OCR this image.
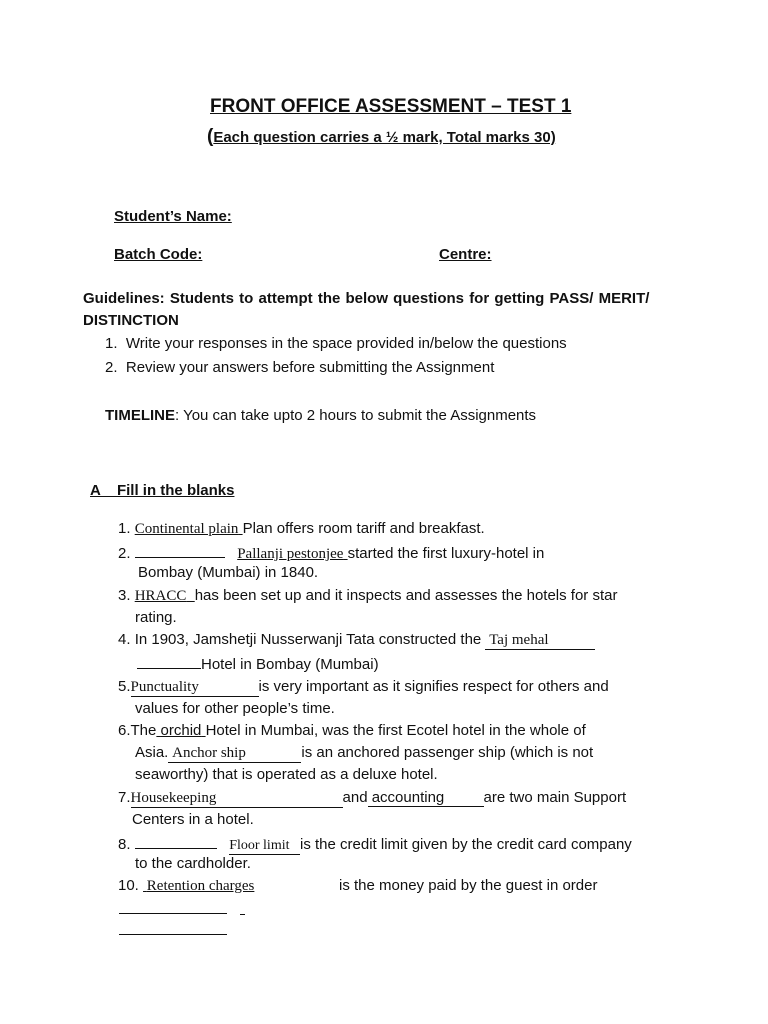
FRONT OFFICE ASSESSMENT – TEST 1
(Each question carries a ½ mark, Total marks 30)
Student’s Name:
Batch Code:	Centre:
Guidelines: Students to attempt the below questions for getting PASS/ MERIT/
DISTINCTION
1. Write your responses in the space provided in/below the questions
2. Review your answers before submitting the Assignment
TIMELINE: You can take upto 2 hours to submit the Assignments
A    Fill in the blanks
1. Continental plain Plan offers room tariff and breakfast.
2.	Pallanji pestonjee started the first luxury-hotel in
Bombay (Mumbai) in 1840.
3. HRACC has been set up and it inspects and assesses the hotels for star
rating.
4. In 1903, Jamshetji Nusserwanji Tata constructed the Taj mehal
Hotel in Bombay (Mumbai)
5.Punctuality	is very important as it signifies respect for others and
values for other people’s time.
6.The orchid Hotel in Mumbai, was the first Ecotel hotel in the whole of
Asia. Anchor ship	is an anchored passenger ship (which is not
seaworthy) that is operated as a deluxe hotel.
7.Housekeeping	and accounting	are two main Support
Centers in a hotel.
8.	Floor limit is the credit limit given by the credit card company
to the cardholder.
10. Retention charges	is the money paid by the guest in order
